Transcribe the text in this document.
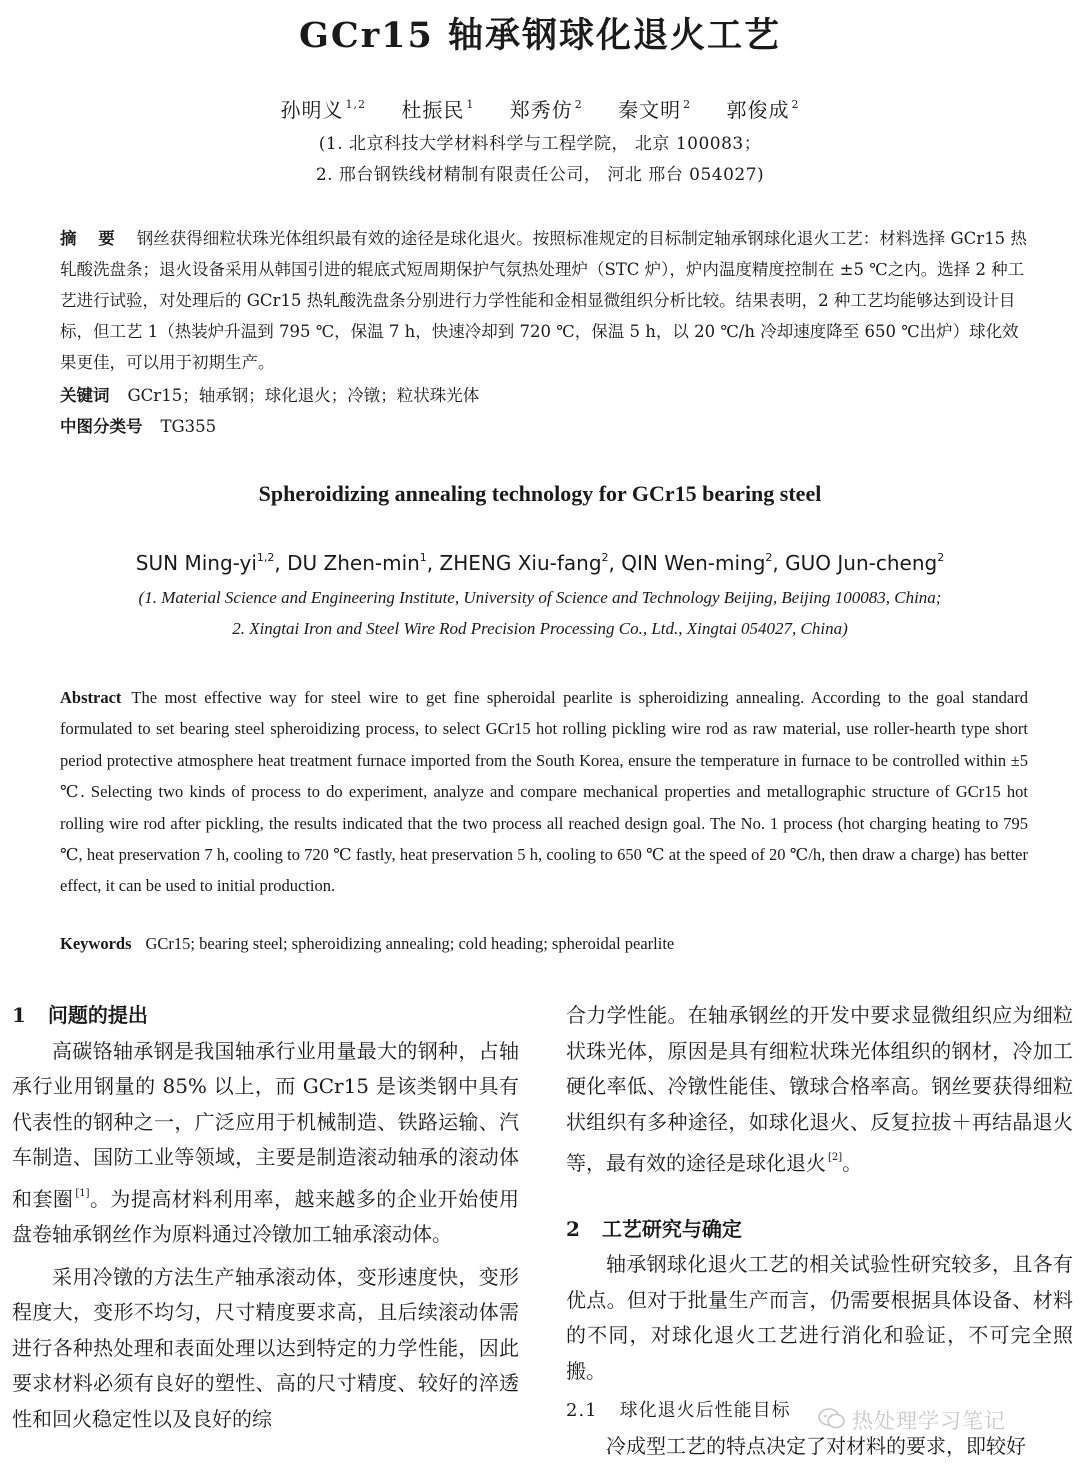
GCr15 轴承钢球化退火工艺
孙明义 $^{1,2}$ 杜振民 $^1$ 郑秀仿 $^2$ 秦文明 $^2$ 郭俊成 $^2$
(1. 北京科技大学材料科学与工程学院， 北京 100083；
2. 邢台钢铁线材精制有限责任公司， 河北 邢台 054027)
摘 要 钢丝获得细粒状珠光体组织最有效的途径是球化退火。按照标准规定的目标制定轴承钢球化退火工艺：材料选择 GCr15 热轧酸洗盘条；退火设备采用从韩国引进的辊底式短周期保护气氛热处理炉（STC 炉），炉内温度精度控制在 ±5 ℃之内。选择 2 种工艺进行试验，对处理后的 GCr15 热轧酸洗盘条分别进行力学性能和金相显微组织分析比较。结果表明，2 种工艺均能够达到设计目标，但工艺 1（热装炉升温到 795 ℃，保温 7 h，快速冷却到 720 ℃，保温 5 h，以 20 ℃/h 冷却速度降至 650 ℃出炉）球化效果更佳，可以用于初期生产。
关键词 GCr15；轴承钢；球化退火；冷镦；粒状珠光体
中图分类号 TG355
Spheroidizing annealing technology for GCr15 bearing steel
SUN Ming-yi$^{1,2}$, DU Zhen-$\min^1$, ZHENG Xiu-fang$^2$, QIN Wen-ming$^2$, GUO Jun-cheng$^2$
(1. Material Science and Engineering Institute, University of Science and Technology Beijing, Beijing 100083, China;
2. Xingtai Iron and Steel Wire Rod Precision Processing Co., Ltd., Xingtai 054027, China)
Abstract The most effective way for steel wire to get fine spheroidal pearlite is spheroidizing annealing. According to the goal standard formulated to set bearing steel spheroidizing process, to select GCr15 hot rolling pickling wire rod as raw material, use roller-hearth type short period protective atmosphere heat treatment furnace imported from the South Korea, ensure the temperature in furnace to be controlled within ±5 ℃. Selecting two kinds of process to do experiment, analyze and compare mechanical properties and metallographic structure of GCr15 hot rolling wire rod after pickling, the results indicated that the two process all reached design goal. The No. 1 process (hot charging heating to 795 ℃, heat preservation 7 h, cooling to 720 ℃ fastly, heat preservation 5 h, cooling to 650 ℃ at the speed of 20 ℃/h, then draw a charge) has better effect, it can be used to initial production.
Keywords GCr15; bearing steel; spheroidizing annealing; cold heading; spheroidal pearlite
1 问题的提出

高碳铬轴承钢是我国轴承行业用量最大的钢种，占轴承行业用钢量的 85% 以上，而 GCr15 是该类钢中具有代表性的钢种之一，广泛应用于机械制造、铁路运输、汽车制造、国防工业等领域，主要是制造滚动轴承的滚动体和套圈 [1]。为提高材料利用率，越来越多的企业开始使用盘卷轴承钢丝作为原料通过冷镦加工轴承滚动体。

采用冷镦的方法生产轴承滚动体，变形速度快，变形程度大，变形不均匀，尺寸精度要求高，且后续滚动体需进行各种热处理和表面处理以达到特定的力学性能，因此要求材料必须有良好的塑性、高的尺寸精度、较好的淬透性和回火稳定性以及良好的综

合力学性能。在轴承钢丝的开发中要求显微组织应为细粒状珠光体，原因是具有细粒状珠光体组织的钢材，冷加工硬化率低、冷镦性能佳、镦球合格率高。钢丝要获得细粒状组织有多种途径，如球化退火、反复拉拔＋再结晶退火等，最有效的途径是球化退火 [2]。

2 工艺研究与确定

轴承钢球化退火工艺的相关试验性研究较多，且各有优点。但对于批量生产而言，仍需要根据具体设备、材料的不同，对球化退火工艺进行消化和验证，不可完全照搬。

2.1 球化退火后性能目标

冷成型工艺的特点决定了对材料的要求，即较好

热处理学习笔记
